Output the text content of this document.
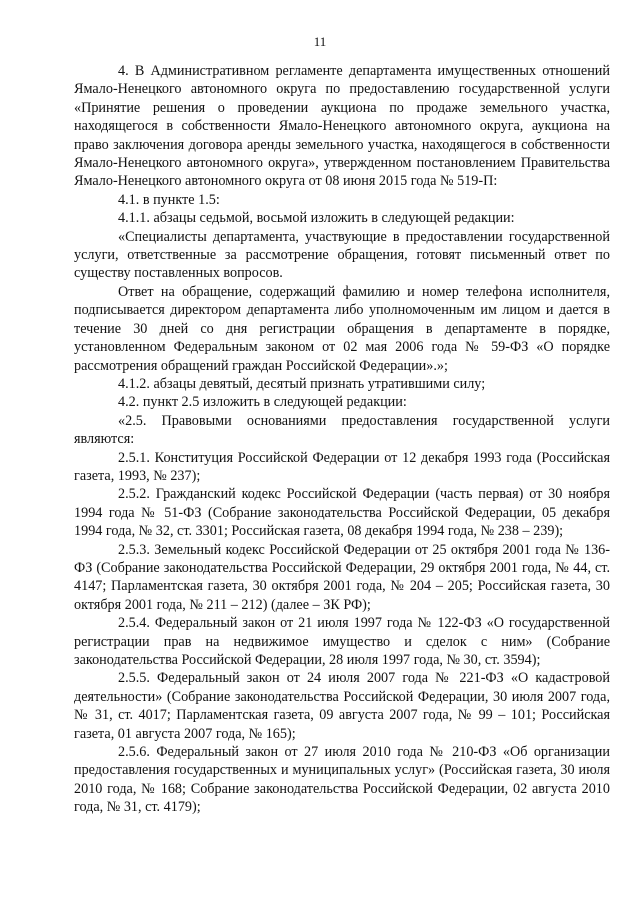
11

4. В Административном регламенте департамента имущественных отношений Ямало-Ненецкого автономного округа по предоставлению государственной услуги «Принятие решения о проведении аукциона по продаже земельного участка, находящегося в собственности Ямало-Ненецкого автономного округа, аукциона на право заключения договора аренды земельного участка, находящегося в собственности Ямало-Ненецкого автономного округа», утвержденном постановлением Правительства Ямало-Ненецкого автономного округа от 08 июня 2015 года № 519-П:

4.1. в пункте 1.5:

4.1.1. абзацы седьмой, восьмой изложить в следующей редакции:

«Специалисты департамента, участвующие в предоставлении государственной услуги, ответственные за рассмотрение обращения, готовят письменный ответ по существу поставленных вопросов.

Ответ на обращение, содержащий фамилию и номер телефона исполнителя, подписывается директором департамента либо уполномоченным им лицом и дается в течение 30 дней со дня регистрации обращения в департаменте в порядке, установленном Федеральным законом от 02 мая 2006 года № 59-ФЗ «О порядке рассмотрения обращений граждан Российской Федерации».»;

4.1.2. абзацы девятый, десятый признать утратившими силу;

4.2. пункт 2.5 изложить в следующей редакции:

«2.5. Правовыми основаниями предоставления государственной услуги являются:

2.5.1. Конституция Российской Федерации от 12 декабря 1993 года (Российская газета, 1993, № 237);

2.5.2. Гражданский кодекс Российской Федерации (часть первая) от 30 ноября 1994 года № 51-ФЗ (Собрание законодательства Российской Федерации, 05 декабря 1994 года, № 32, ст. 3301; Российская газета, 08 декабря 1994 года, № 238 – 239);

2.5.3. Земельный кодекс Российской Федерации от 25 октября 2001 года № 136-ФЗ (Собрание законодательства Российской Федерации, 29 октября 2001 года, № 44, ст. 4147; Парламентская газета, 30 октября 2001 года, № 204 – 205; Российская газета, 30 октября 2001 года, № 211 – 212) (далее – ЗК РФ);

2.5.4. Федеральный закон от 21 июля 1997 года № 122-ФЗ «О государственной регистрации прав на недвижимое имущество и сделок с ним» (Собрание законодательства Российской Федерации, 28 июля 1997 года, № 30, ст. 3594);

2.5.5. Федеральный закон от 24 июля 2007 года № 221-ФЗ «О кадастровой деятельности» (Собрание законодательства Российской Федерации, 30 июля 2007 года, № 31, ст. 4017; Парламентская газета, 09 августа 2007 года, № 99 – 101; Российская газета, 01 августа 2007 года, № 165);

2.5.6. Федеральный закон от 27 июля 2010 года № 210-ФЗ «Об организации предоставления государственных и муниципальных услуг» (Российская газета, 30 июля 2010 года, № 168; Собрание законодательства Российской Федерации, 02 августа 2010 года, № 31, ст. 4179);
